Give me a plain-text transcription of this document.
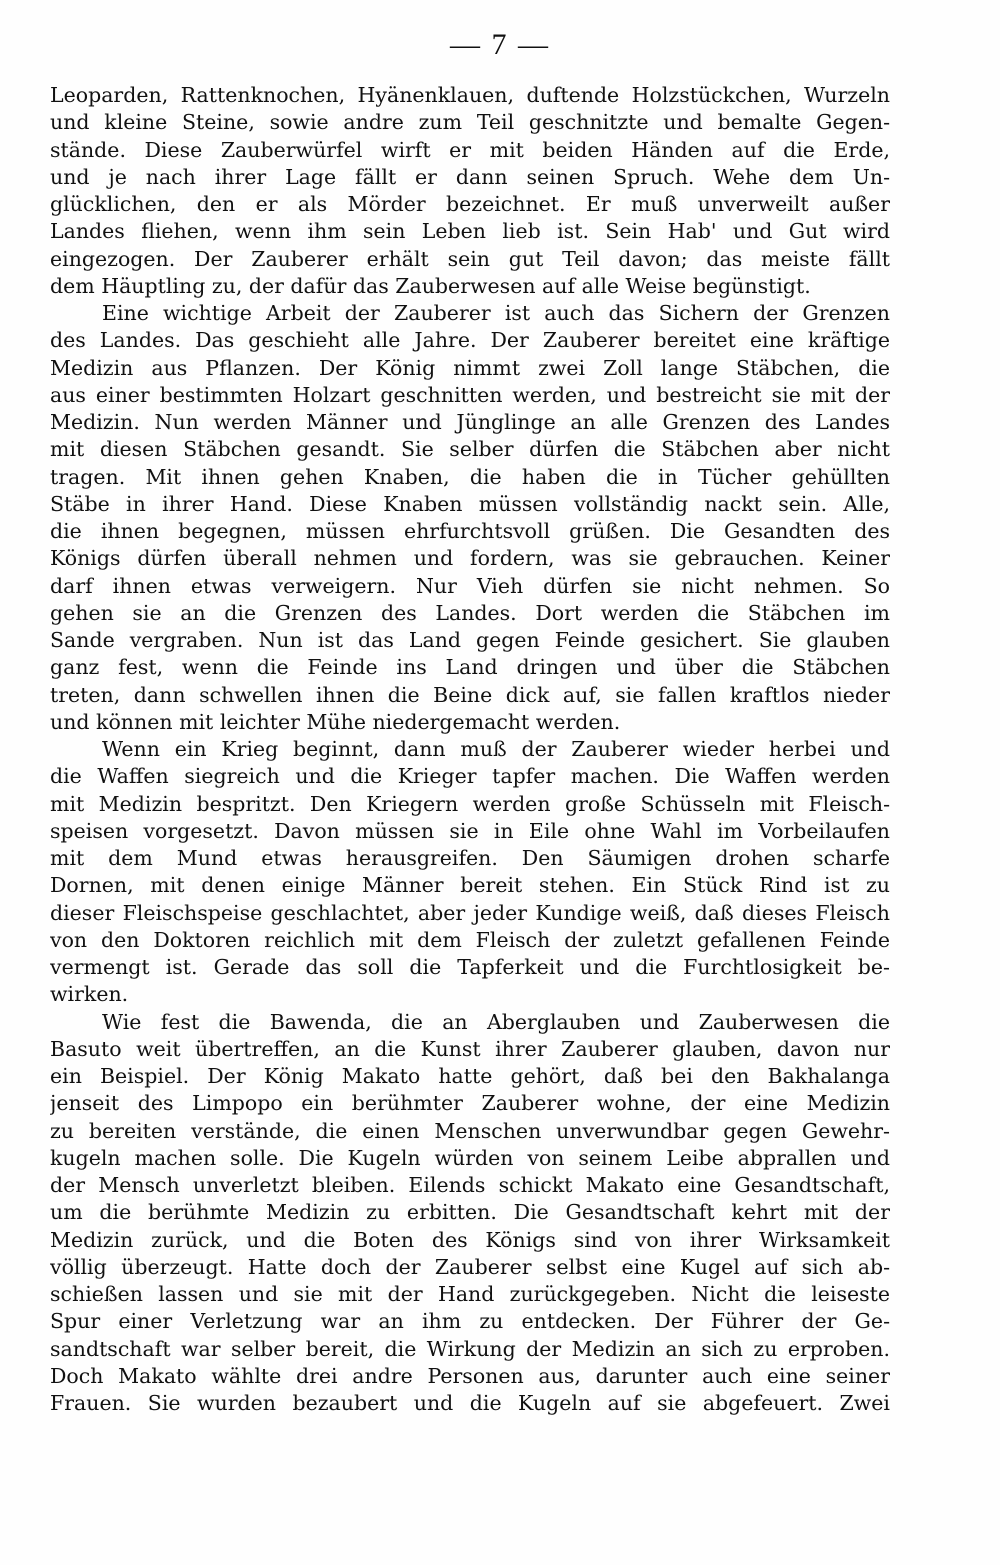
— 7 —
Leoparden, Rattenknochen, Hyänenklauen, duftende Holzstückchen, Wurzeln
und kleine Steine, sowie andre zum Teil geschnitzte und bemalte Gegen-
stände. Diese Zauberwürfel wirft er mit beiden Händen auf die Erde,
und je nach ihrer Lage fällt er dann seinen Spruch. Wehe dem Un-
glücklichen, den er als Mörder bezeichnet. Er muß unverweilt außer
Landes fliehen, wenn ihm sein Leben lieb ist. Sein Hab' und Gut wird
eingezogen. Der Zauberer erhält sein gut Teil davon; das meiste fällt
dem Häuptling zu, der dafür das Zauberwesen auf alle Weise begünstigt.
Eine wichtige Arbeit der Zauberer ist auch das Sichern der Grenzen
des Landes. Das geschieht alle Jahre. Der Zauberer bereitet eine kräftige
Medizin aus Pflanzen. Der König nimmt zwei Zoll lange Stäbchen, die
aus einer bestimmten Holzart geschnitten werden, und bestreicht sie mit der
Medizin. Nun werden Männer und Jünglinge an alle Grenzen des Landes
mit diesen Stäbchen gesandt. Sie selber dürfen die Stäbchen aber nicht
tragen. Mit ihnen gehen Knaben, die haben die in Tücher gehüllten
Stäbe in ihrer Hand. Diese Knaben müssen vollständig nackt sein. Alle,
die ihnen begegnen, müssen ehrfurchtsvoll grüßen. Die Gesandten des
Königs dürfen überall nehmen und fordern, was sie gebrauchen. Keiner
darf ihnen etwas verweigern. Nur Vieh dürfen sie nicht nehmen. So
gehen sie an die Grenzen des Landes. Dort werden die Stäbchen im
Sande vergraben. Nun ist das Land gegen Feinde gesichert. Sie glauben
ganz fest, wenn die Feinde ins Land dringen und über die Stäbchen
treten, dann schwellen ihnen die Beine dick auf, sie fallen kraftlos nieder
und können mit leichter Mühe niedergemacht werden.
Wenn ein Krieg beginnt, dann muß der Zauberer wieder herbei und
die Waffen siegreich und die Krieger tapfer machen. Die Waffen werden
mit Medizin bespritzt. Den Kriegern werden große Schüsseln mit Fleisch-
speisen vorgesetzt. Davon müssen sie in Eile ohne Wahl im Vorbeilaufen
mit dem Mund etwas herausgreifen. Den Säumigen drohen scharfe
Dornen, mit denen einige Männer bereit stehen. Ein Stück Rind ist zu
dieser Fleischspeise geschlachtet, aber jeder Kundige weiß, daß dieses Fleisch
von den Doktoren reichlich mit dem Fleisch der zuletzt gefallenen Feinde
vermengt ist. Gerade das soll die Tapferkeit und die Furchtlosigkeit be-
wirken.
Wie fest die Bawenda, die an Aberglauben und Zauberwesen die
Basuto weit übertreffen, an die Kunst ihrer Zauberer glauben, davon nur
ein Beispiel. Der König Makato hatte gehört, daß bei den Bakhalanga
jenseit des Limpopo ein berühmter Zauberer wohne, der eine Medizin
zu bereiten verstände, die einen Menschen unverwundbar gegen Gewehr-
kugeln machen solle. Die Kugeln würden von seinem Leibe abprallen und
der Mensch unverletzt bleiben. Eilends schickt Makato eine Gesandtschaft,
um die berühmte Medizin zu erbitten. Die Gesandtschaft kehrt mit der
Medizin zurück, und die Boten des Königs sind von ihrer Wirksamkeit
völlig überzeugt. Hatte doch der Zauberer selbst eine Kugel auf sich ab-
schießen lassen und sie mit der Hand zurückgegeben. Nicht die leiseste
Spur einer Verletzung war an ihm zu entdecken. Der Führer der Ge-
sandtschaft war selber bereit, die Wirkung der Medizin an sich zu erproben.
Doch Makato wählte drei andre Personen aus, darunter auch eine seiner
Frauen. Sie wurden bezaubert und die Kugeln auf sie abgefeuert. Zwei
